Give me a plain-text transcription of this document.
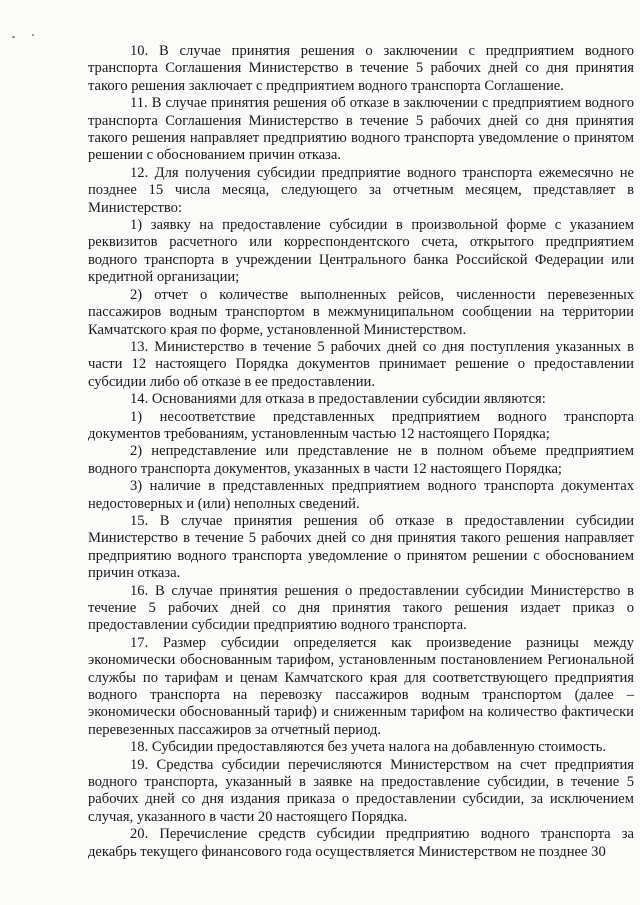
10. В случае принятия решения о заключении с предприятием водного транспорта Соглашения Министерство в течение 5 рабочих дней со дня принятия такого решения заключает с предприятием водного транспорта Соглашение.

11. В случае принятия решения об отказе в заключении с предприятием водного транспорта Соглашения Министерство в течение 5 рабочих дней со дня принятия такого решения направляет предприятию водного транспорта уведомление о принятом решении с обоснованием причин отказа.

12. Для получения субсидии предприятие водного транспорта ежемесячно не позднее 15 числа месяца, следующего за отчетным месяцем, представляет в Министерство:

1) заявку на предоставление субсидии в произвольной форме с указанием реквизитов расчетного или корреспондентского счета, открытого предприятием водного транспорта в учреждении Центрального банка Российской Федерации или кредитной организации;

2) отчет о количестве выполненных рейсов, численности перевезенных пассажиров водным транспортом в межмуниципальном сообщении на территории Камчатского края по форме, установленной Министерством.

13. Министерство в течение 5 рабочих дней со дня поступления указанных в части 12 настоящего Порядка документов принимает решение о предоставлении субсидии либо об отказе в ее предоставлении.

14. Основаниями для отказа в предоставлении субсидии являются:

1) несоответствие представленных предприятием водного транспорта документов требованиям, установленным частью 12 настоящего Порядка;

2) непредставление или представление не в полном объеме предприятием водного транспорта документов, указанных в части 12 настоящего Порядка;

3) наличие в представленных предприятием водного транспорта документах недостоверных и (или) неполных сведений.

15. В случае принятия решения об отказе в предоставлении субсидии Министерство в течение 5 рабочих дней со дня принятия такого решения направляет предприятию водного транспорта уведомление о принятом решении с обоснованием причин отказа.

16. В случае принятия решения о предоставлении субсидии Министерство в течение 5 рабочих дней со дня принятия такого решения издает приказ о предоставлении субсидии предприятию водного транспорта.

17. Размер субсидии определяется как произведение разницы между экономически обоснованным тарифом, установленным постановлением Региональной службы по тарифам и ценам Камчатского края для соответствующего предприятия водного транспорта на перевозку пассажиров водным транспортом (далее – экономически обоснованный тариф) и сниженным тарифом на количество фактически перевезенных пассажиров за отчетный период.

18. Субсидии предоставляются без учета налога на добавленную стоимость.

19. Средства субсидии перечисляются Министерством на счет предприятия водного транспорта, указанный в заявке на предоставление субсидии, в течение 5 рабочих дней со дня издания приказа о предоставлении субсидии, за исключением случая, указанного в части 20 настоящего Порядка.

20. Перечисление средств субсидии предприятию водного транспорта за декабрь текущего финансового года осуществляется Министерством не позднее 30
